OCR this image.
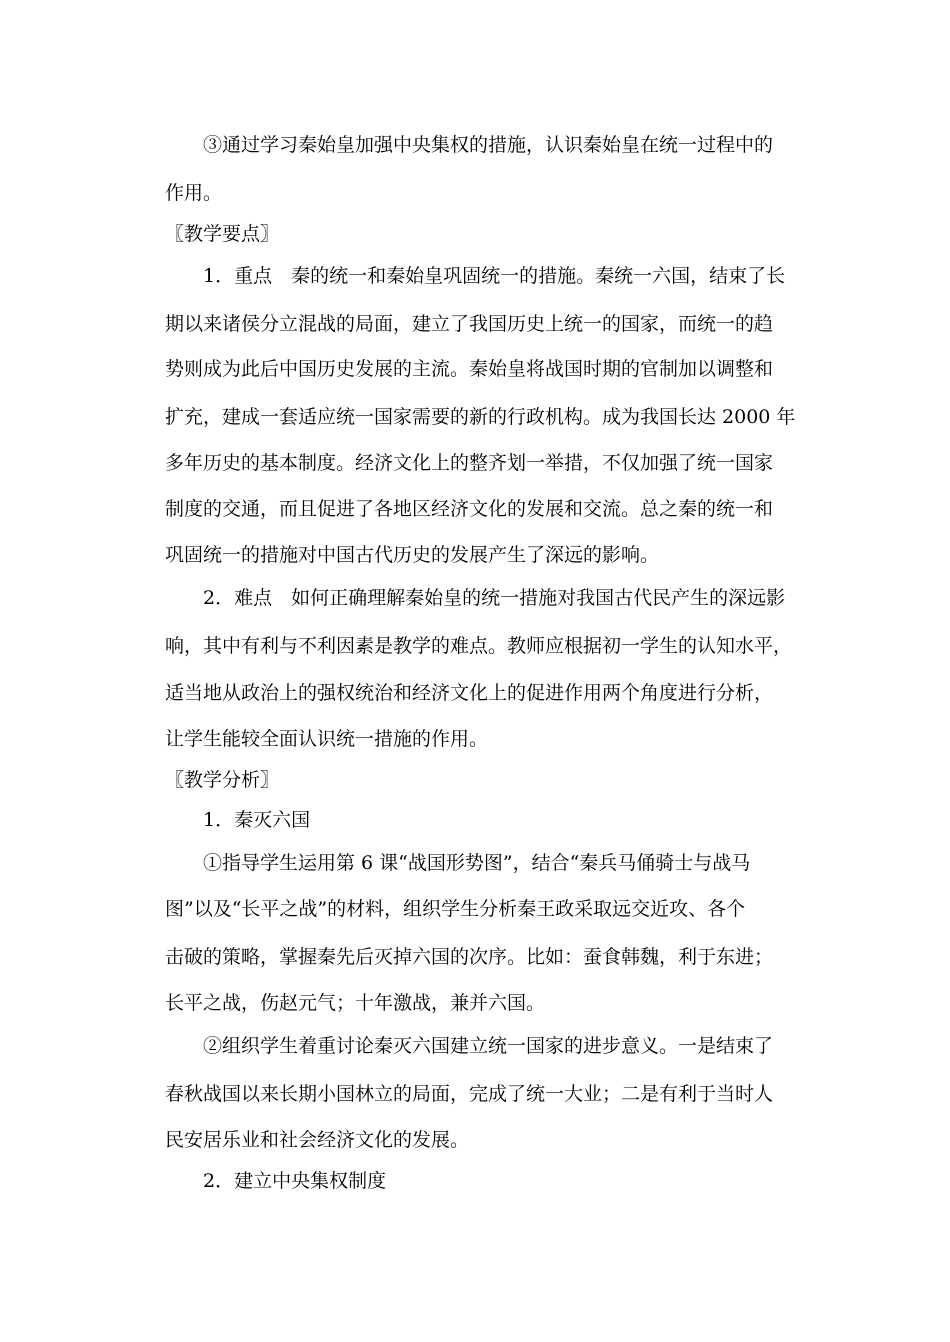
③通过学习秦始皇加强中央集权的措施，认识秦始皇在统一过程中的
作用。
〖教学要点〗
1．重点　秦的统一和秦始皇巩固统一的措施。秦统一六国，结束了长
期以来诸侯分立混战的局面，建立了我国历史上统一的国家，而统一的趋
势则成为此后中国历史发展的主流。秦始皇将战国时期的官制加以调整和
扩充，建成一套适应统一国家需要的新的行政机构。成为我国长达 2000 年
多年历史的基本制度。经济文化上的整齐划一举措，不仅加强了统一国家
制度的交通，而且促进了各地区经济文化的发展和交流。总之秦的统一和
巩固统一的措施对中国古代历史的发展产生了深远的影响。
2．难点　如何正确理解秦始皇的统一措施对我国古代民产生的深远影
响，其中有利与不利因素是教学的难点。教师应根据初一学生的认知水平，
适当地从政治上的强权统治和经济文化上的促进作用两个角度进行分析，
让学生能较全面认识统一措施的作用。
〖教学分析〗
1．秦灭六国
①指导学生运用第 6 课“战国形势图”，结合“秦兵马俑骑士与战马
图”以及“长平之战”的材料，组织学生分析秦王政采取远交近攻、各个
击破的策略，掌握秦先后灭掉六国的次序。比如：蚕食韩魏，利于东进；
长平之战，伤赵元气；十年激战，兼并六国。
②组织学生着重讨论秦灭六国建立统一国家的进步意义。一是结束了
春秋战国以来长期小国林立的局面，完成了统一大业；二是有利于当时人
民安居乐业和社会经济文化的发展。
2．建立中央集权制度
